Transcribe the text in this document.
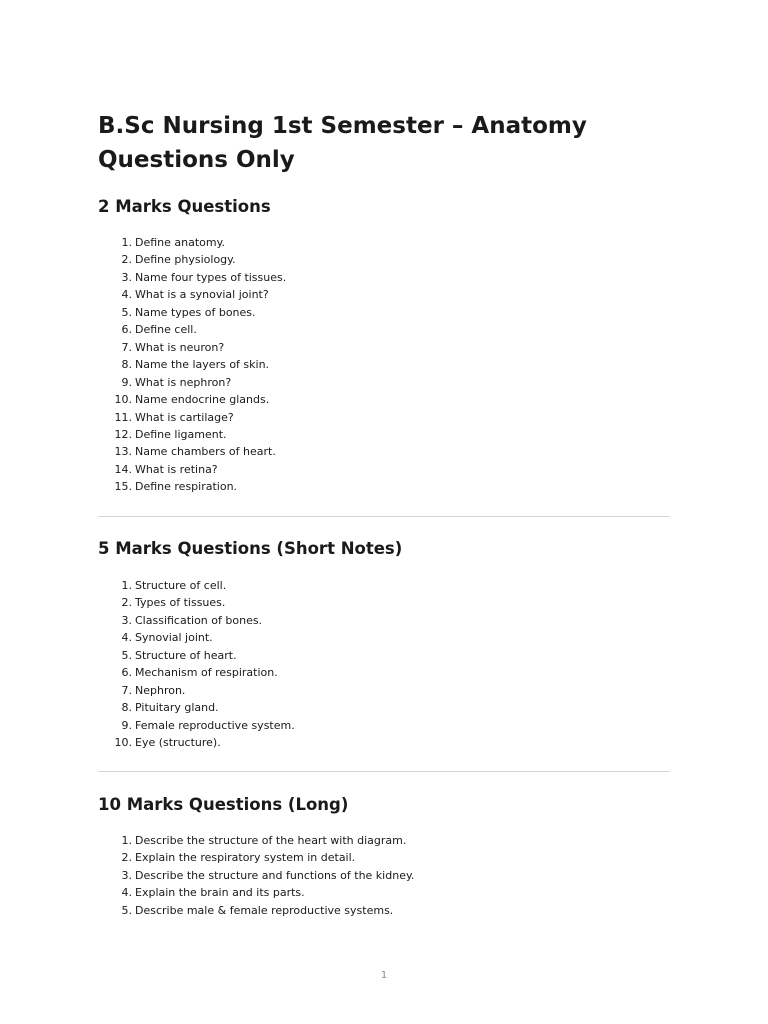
B.Sc Nursing 1st Semester – Anatomy Questions Only
2 Marks Questions
1. Define anatomy.
2. Define physiology.
3. Name four types of tissues.
4. What is a synovial joint?
5. Name types of bones.
6. Define cell.
7. What is neuron?
8. Name the layers of skin.
9. What is nephron?
10. Name endocrine glands.
11. What is cartilage?
12. Define ligament.
13. Name chambers of heart.
14. What is retina?
15. Define respiration.
5 Marks Questions (Short Notes)
1. Structure of cell.
2. Types of tissues.
3. Classification of bones.
4. Synovial joint.
5. Structure of heart.
6. Mechanism of respiration.
7. Nephron.
8. Pituitary gland.
9. Female reproductive system.
10. Eye (structure).
10 Marks Questions (Long)
1. Describe the structure of the heart with diagram.
2. Explain the respiratory system in detail.
3. Describe the structure and functions of the kidney.
4. Explain the brain and its parts.
5. Describe male & female reproductive systems.
1
